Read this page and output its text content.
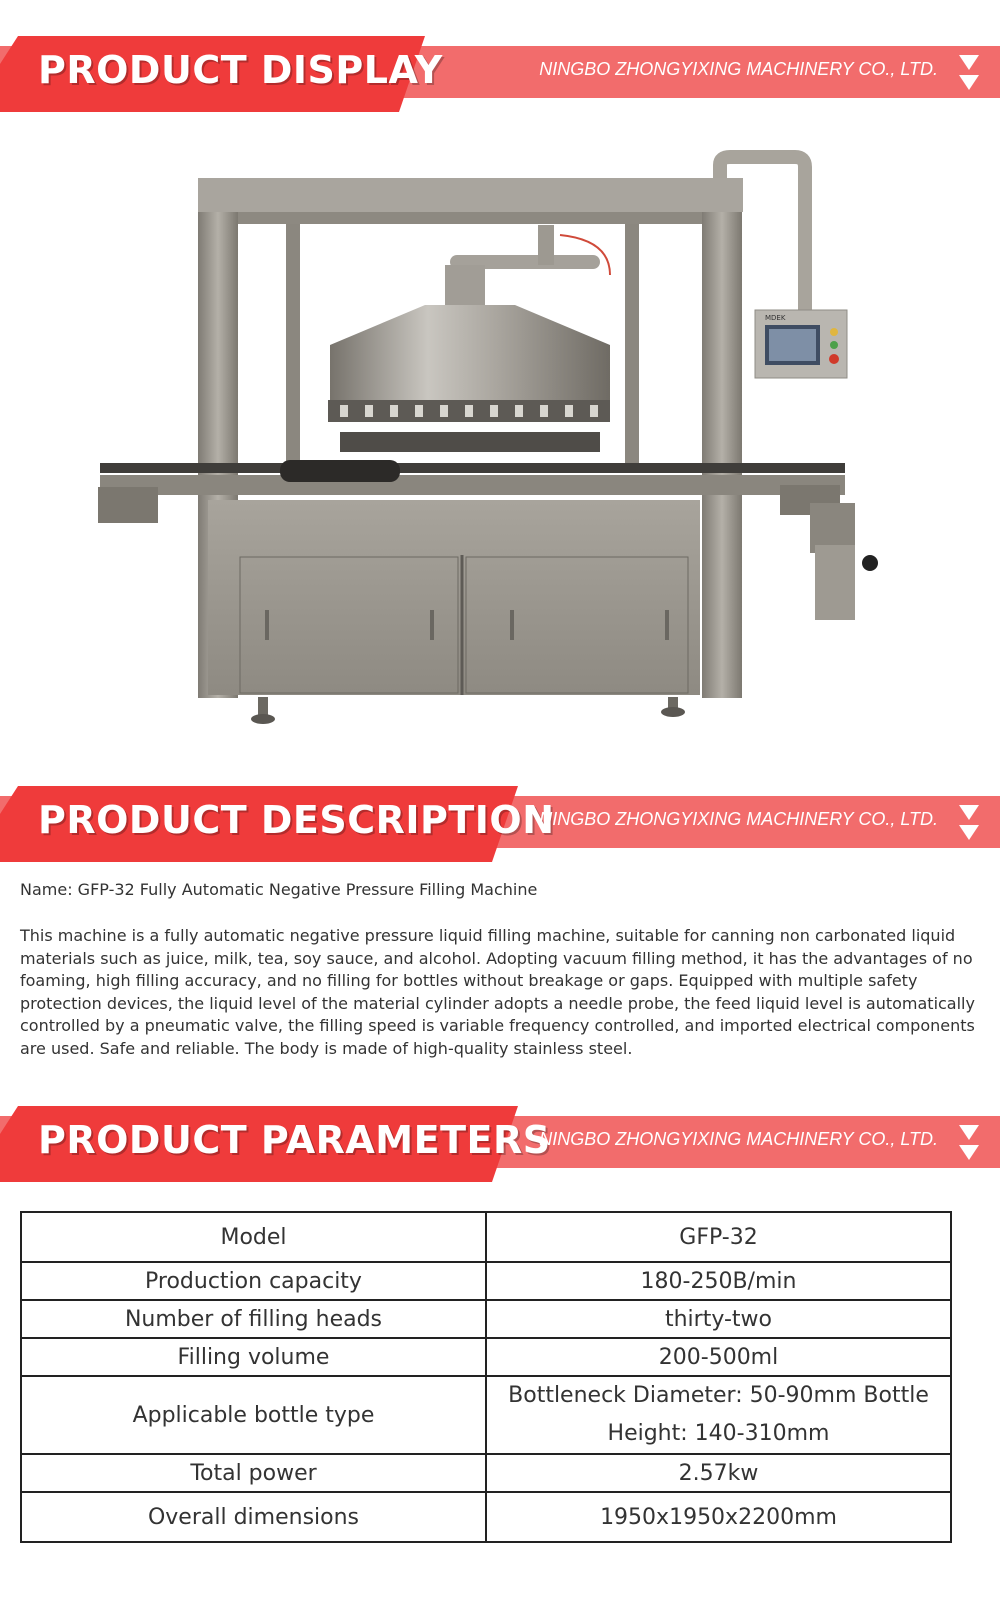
PRODUCT DISPLAY	NINGBO ZHONGYIXING MACHINERY CO., LTD.
MDEK
PRODUCT DESCRIPTION
NINGBO ZHONGYIXING MACHINERY CO., LTD.
Name: GFP-32 Fully Automatic Negative Pressure Filling Machine
This machine is a fully automatic negative pressure liquid filling machine, suitable for canning non carbonated liquid materials such as juice, milk, tea, soy sauce, and alcohol. Adopting vacuum filling method, it has the advantages of no foaming, high filling accuracy, and no filling for bottles without breakage or gaps. Equipped with multiple safety protection devices, the liquid level of the material cylinder adopts a needle probe, the feed liquid level is automatically controlled by a pneumatic valve, the filling speed is variable frequency controlled, and imported electrical components are used. Safe and reliable. The body is made of high-quality stainless steel.
PRODUCT PARAMETERS
NINGBO ZHONGYIXING MACHINERY CO., LTD.
Model	GFP-32
Production capacity	180-250B/min
Number of filling heads	thirty-two
Filling volume	200-500ml
Applicable bottle type	Bottleneck Diameter: 50-90mm Bottle Height: 140-310mm
Total power	2.57kw
Overall dimensions	1950x1950x2200mm
